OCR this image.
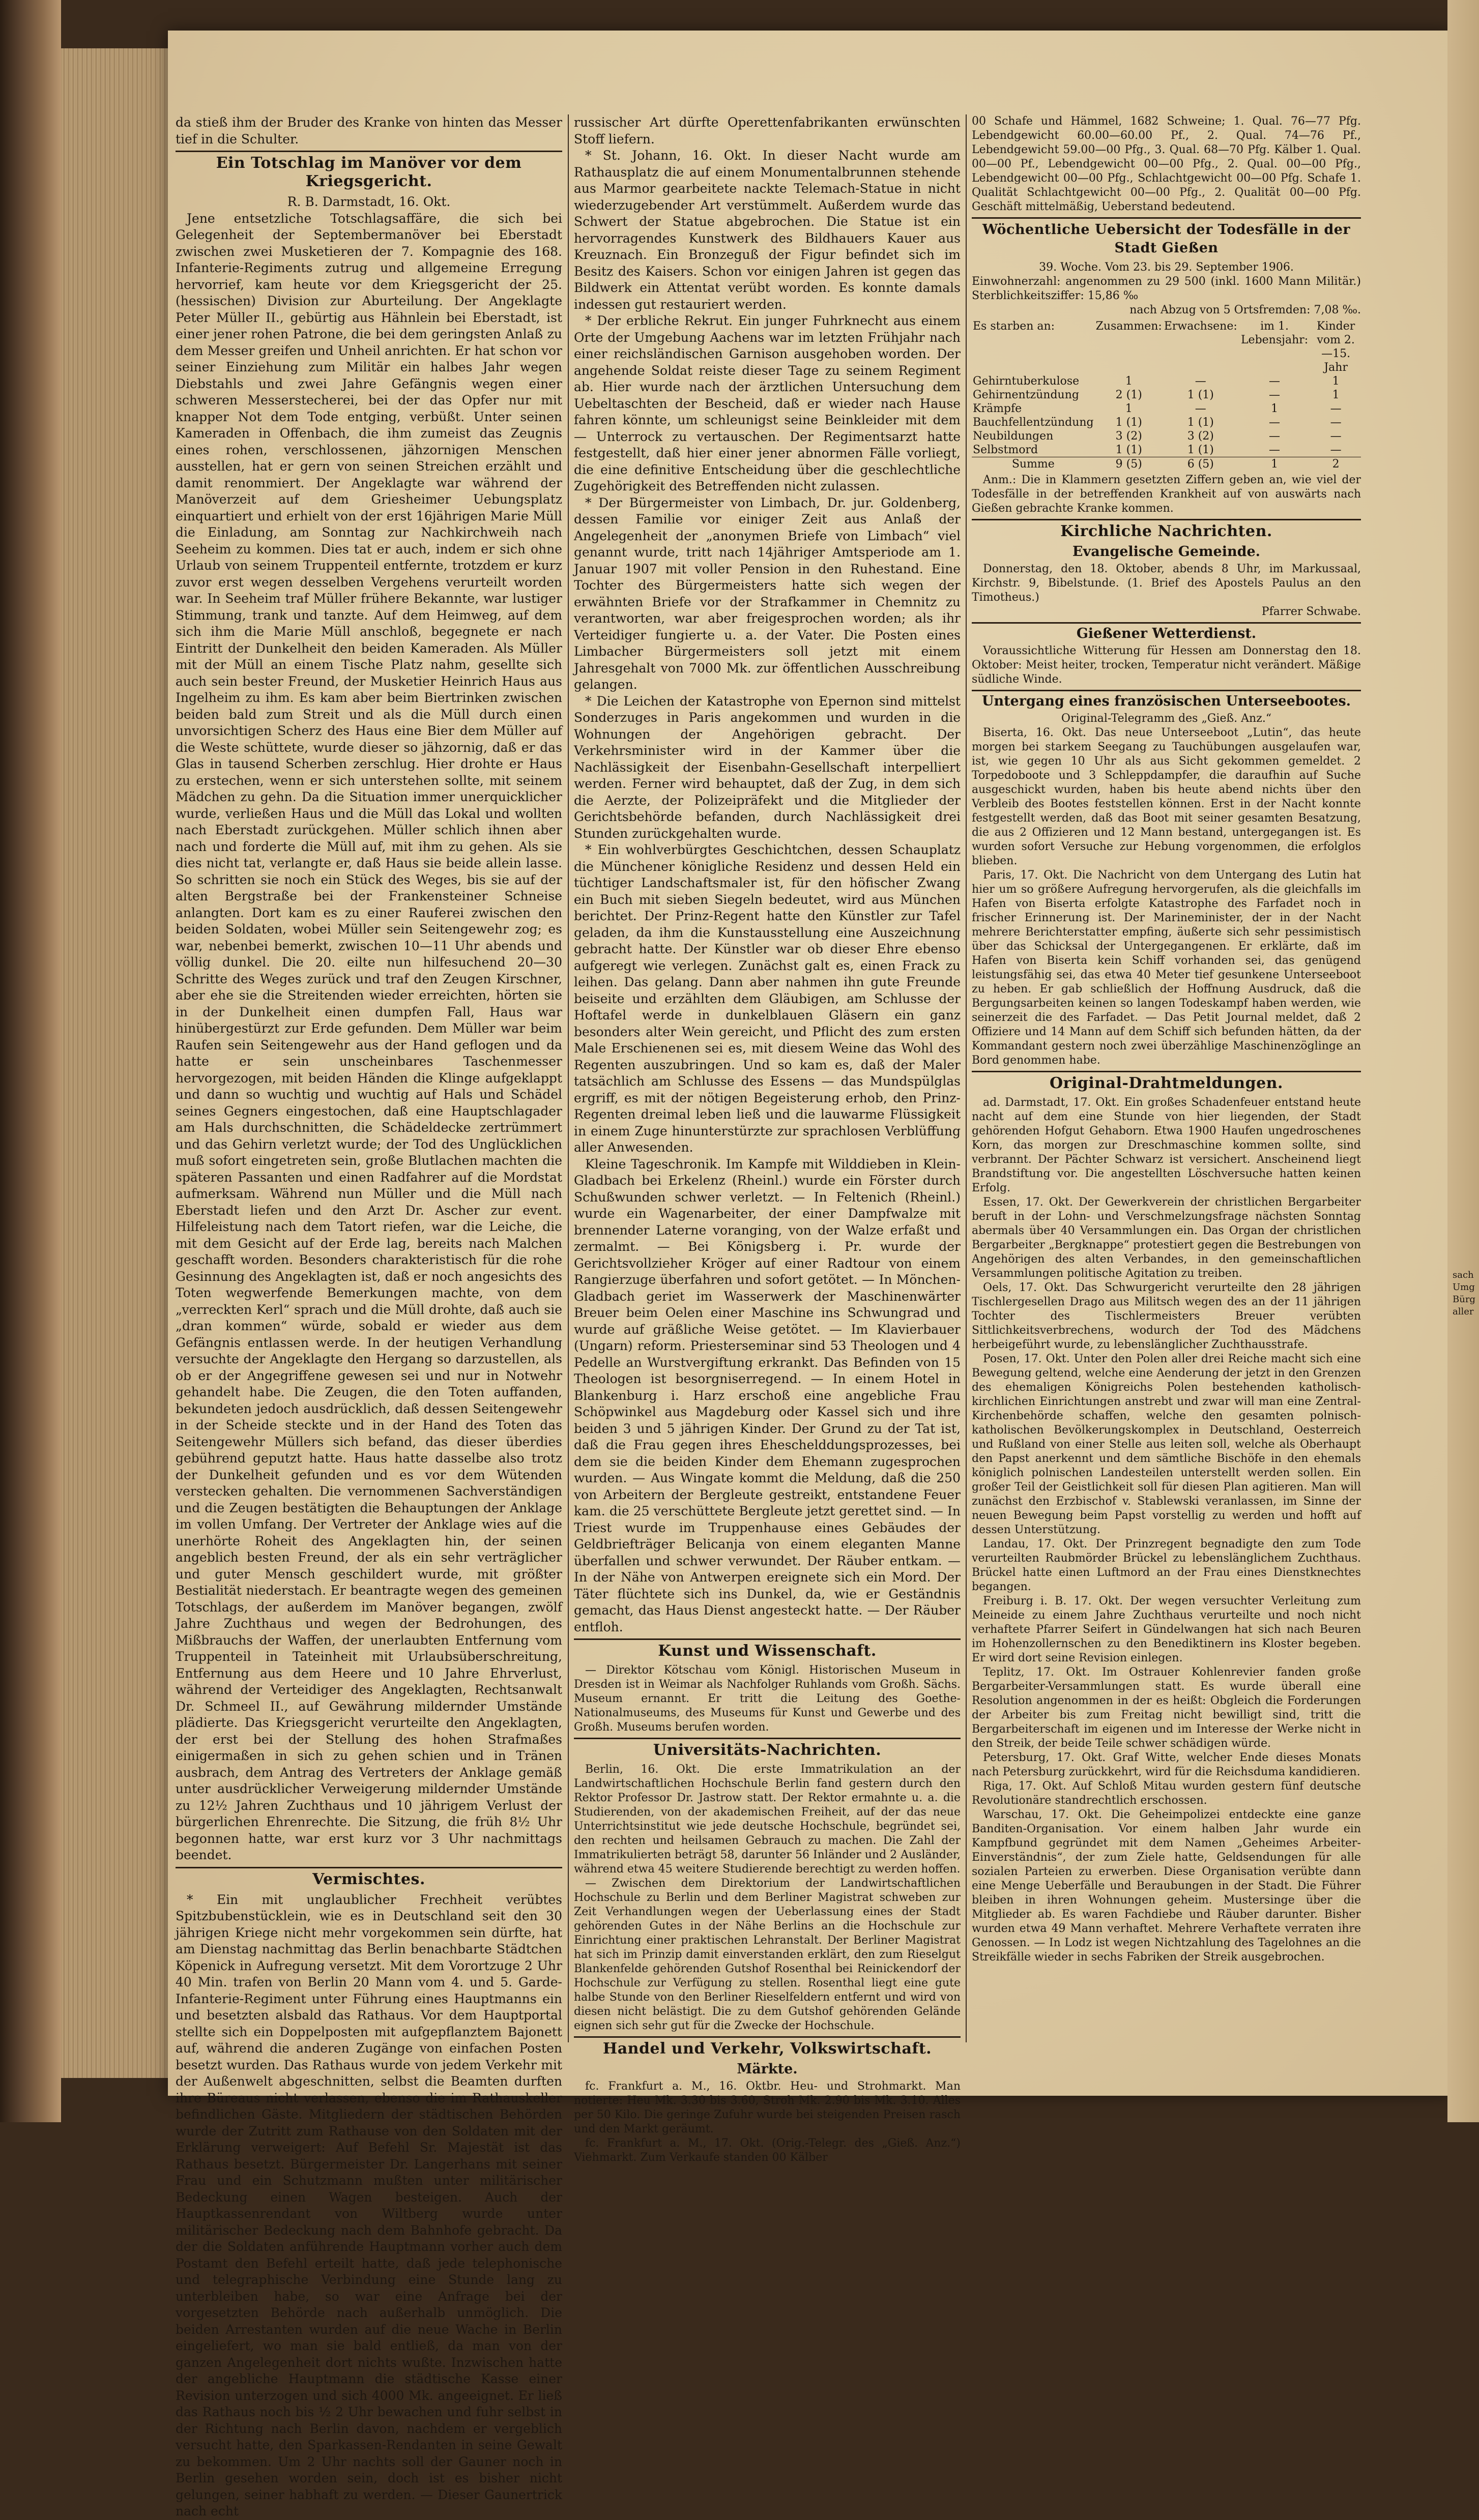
da stieß ihm der Bruder des Kranke von hinten das Messer tief in die Schulter.

Ein Totschlag im Manöver vor dem Kriegsgericht.

R. B. Darmstadt, 16. Okt.

Jene entsetzliche Totschlagsaffäre, die sich bei Gelegenheit der Septembermanöver bei Eberstadt zwischen zwei Musketieren der 7. Kompagnie des 168. Infanterie-Regiments zutrug und allgemeine Erregung hervorrief, kam heute vor dem Kriegsgericht der 25. (hessischen) Division zur Aburteilung. Der Angeklagte Peter Müller II., gebürtig aus Hähnlein bei Eberstadt, ist einer jener rohen Patrone, die bei dem geringsten Anlaß zu dem Messer greifen und Unheil anrichten. Er hat schon vor seiner Einziehung zum Militär ein halbes Jahr wegen Diebstahls und zwei Jahre Gefängnis wegen einer schweren Messerstecherei, bei der das Opfer nur mit knapper Not dem Tode entging, verbüßt. Unter seinen Kameraden in Offenbach, die ihm zumeist das Zeugnis eines rohen, verschlossenen, jähzornigen Menschen ausstellen, hat er gern von seinen Streichen erzählt und damit renommiert. Der Angeklagte war während der Manöverzeit auf dem Griesheimer Uebungsplatz einquartiert und erhielt von der erst 16jährigen Marie Müll die Einladung, am Sonntag zur Nachkirchweih nach Seeheim zu kommen. Dies tat er auch, indem er sich ohne Urlaub von seinem Truppenteil entfernte, trotzdem er kurz zuvor erst wegen desselben Vergehens verurteilt worden war. In Seeheim traf Müller frühere Bekannte, war lustiger Stimmung, trank und tanzte. Auf dem Heimweg, auf dem sich ihm die Marie Müll anschloß, begegnete er nach Eintritt der Dunkelheit den beiden Kameraden. Als Müller mit der Müll an einem Tische Platz nahm, gesellte sich auch sein bester Freund, der Musketier Heinrich Haus aus Ingelheim zu ihm. Es kam aber beim Biertrinken zwischen beiden bald zum Streit und als die Müll durch einen unvorsichtigen Scherz des Haus eine Bier dem Müller auf die Weste schüttete, wurde dieser so jähzornig, daß er das Glas in tausend Scherben zerschlug. Hier drohte er Haus zu erstechen, wenn er sich unterstehen sollte, mit seinem Mädchen zu gehn. Da die Situation immer unerquicklicher wurde, verließen Haus und die Müll das Lokal und wollten nach Eberstadt zurückgehen. Müller schlich ihnen aber nach und forderte die Müll auf, mit ihm zu gehen. Als sie dies nicht tat, verlangte er, daß Haus sie beide allein lasse. So schritten sie noch ein Stück des Weges, bis sie auf der alten Bergstraße bei der Frankensteiner Schneise anlangten. Dort kam es zu einer Rauferei zwischen den beiden Soldaten, wobei Müller sein Seitengewehr zog; es war, nebenbei bemerkt, zwischen 10—11 Uhr abends und völlig dunkel. Die 20. eilte nun hilfesuchend 20—30 Schritte des Weges zurück und traf den Zeugen Kirschner, aber ehe sie die Streitenden wieder erreichten, hörten sie in der Dunkelheit einen dumpfen Fall, Haus war hinübergestürzt zur Erde gefunden. Dem Müller war beim Raufen sein Seitengewehr aus der Hand geflogen und da hatte er sein unscheinbares Taschenmesser hervorgezogen, mit beiden Händen die Klinge aufgeklappt und dann so wuchtig und wuchtig auf Hals und Schädel seines Gegners eingestochen, daß eine Hauptschlagader am Hals durchschnitten, die Schädeldecke zertrümmert und das Gehirn verletzt wurde; der Tod des Unglücklichen muß sofort eingetreten sein, große Blutlachen machten die späteren Passanten und einen Radfahrer auf die Mordstat aufmerksam. Während nun Müller und die Müll nach Eberstadt liefen und den Arzt Dr. Ascher zur event. Hilfeleistung nach dem Tatort riefen, war die Leiche, die mit dem Gesicht auf der Erde lag, bereits nach Malchen geschafft worden. Besonders charakteristisch für die rohe Gesinnung des Angeklagten ist, daß er noch angesichts des Toten wegwerfende Bemerkungen machte, von dem „verreckten Kerl“ sprach und die Müll drohte, daß auch sie „dran kommen“ würde, sobald er wieder aus dem Gefängnis entlassen werde. In der heutigen Verhandlung versuchte der Angeklagte den Hergang so darzustellen, als ob er der Angegriffene gewesen sei und nur in Notwehr gehandelt habe. Die Zeugen, die den Toten auffanden, bekundeten jedoch ausdrücklich, daß dessen Seitengewehr in der Scheide steckte und in der Hand des Toten das Seitengewehr Müllers sich befand, das dieser überdies gebührend geputzt hatte. Haus hatte dasselbe also trotz der Dunkelheit gefunden und es vor dem Wütenden verstecken gehalten. Die vernommenen Sachverständigen und die Zeugen bestätigten die Behauptungen der Anklage im vollen Umfang. Der Vertreter der Anklage wies auf die unerhörte Roheit des Angeklagten hin, der seinen angeblich besten Freund, der als ein sehr verträglicher und guter Mensch geschildert wurde, mit größter Bestialität niederstach. Er beantragte wegen des gemeinen Totschlags, der außerdem im Manöver begangen, zwölf Jahre Zuchthaus und wegen der Bedrohungen, des Mißbrauchs der Waffen, der unerlaubten Entfernung vom Truppenteil in Tateinheit mit Urlaubsüberschreitung, Entfernung aus dem Heere und 10 Jahre Ehrverlust, während der Verteidiger des Angeklagten, Rechtsanwalt Dr. Schmeel II., auf Gewährung mildernder Umstände plädierte. Das Kriegsgericht verurteilte den Angeklagten, der erst bei der Stellung des hohen Strafmaßes einigermaßen in sich zu gehen schien und in Tränen ausbrach, dem Antrag des Vertreters der Anklage gemäß unter ausdrücklicher Verweigerung mildernder Umstände zu 12½ Jahren Zuchthaus und 10 jährigem Verlust der bürgerlichen Ehrenrechte. Die Sitzung, die früh 8½ Uhr begonnen hatte, war erst kurz vor 3 Uhr nachmittags beendet.

Vermischtes.

* Ein mit unglaublicher Frechheit verübtes Spitzbubenstücklein, wie es in Deutschland seit den 30 jährigen Kriege nicht mehr vorgekommen sein dürfte, hat am Dienstag nachmittag das Berlin benachbarte Städtchen Köpenick in Aufregung versetzt. Mit dem Vorortzuge 2 Uhr 40 Min. trafen von Berlin 20 Mann vom 4. und 5. Garde-Infanterie-Regiment unter Führung eines Hauptmanns ein und besetzten alsbald das Rathaus. Vor dem Hauptportal stellte sich ein Doppelposten mit aufgepflanztem Bajonett auf, während die anderen Zugänge von einfachen Posten besetzt wurden. Das Rathaus wurde von jedem Verkehr mit der Außenwelt abgeschnitten, selbst die Beamten durften ihre Büreaus nicht verlassen, ebenso die im Rathauskeller befindlichen Gäste. Mitgliedern der städtischen Behörden wurde der Zutritt zum Rathause von den Soldaten mit der Erklärung verweigert: Auf Befehl Sr. Majestät ist das Rathaus besetzt. Bürgermeister Dr. Langerhans mit seiner Frau und ein Schutzmann mußten unter militärischer Bedeckung einen Wagen besteigen. Auch der Hauptkassenrendant von Wiltberg wurde unter militärischer Bedeckung nach dem Bahnhofe gebracht. Da der die Soldaten anführende Hauptmann vorher auch dem Postamt den Befehl erteilt hatte, daß jede telephonische und telegraphische Verbindung eine Stunde lang zu unterbleiben habe, so war eine Anfrage bei der vorgesetzten Behörde nach außerhalb unmöglich. Die beiden Arrestanten wurden auf die neue Wache in Berlin eingeliefert, wo man sie bald entließ, da man von der ganzen Angelegenheit dort nichts wußte. Inzwischen hatte der angebliche Hauptmann die städtische Kasse einer Revision unterzogen und sich 4000 Mk. angeeignet. Er ließ das Rathaus noch bis ½ 2 Uhr bewachen und fuhr selbst in der Richtung nach Berlin davon, nachdem er vergeblich versucht hatte, den Sparkassen-Rendanten in seine Gewalt zu bekommen. Um 2 Uhr nachts soll der Gauner noch in Berlin gesehen worden sein, doch ist es bisher nicht gelungen, seiner habhaft zu werden. — Dieser Gaunertrick nach echt

russischer Art dürfte Operettenfabrikanten erwünschten Stoff liefern.

* St. Johann, 16. Okt. In dieser Nacht wurde am Rathausplatz die auf einem Monumentalbrunnen stehende aus Marmor gearbeitete nackte Telemach-Statue in nicht wiederzugebender Art verstümmelt. Außerdem wurde das Schwert der Statue abgebrochen. Die Statue ist ein hervorragendes Kunstwerk des Bildhauers Kauer aus Kreuznach. Ein Bronzeguß der Figur befindet sich im Besitz des Kaisers. Schon vor einigen Jahren ist gegen das Bildwerk ein Attentat verübt worden. Es konnte damals indessen gut restauriert werden.

* Der erbliche Rekrut. Ein junger Fuhrknecht aus einem Orte der Umgebung Aachens war im letzten Frühjahr nach einer reichsländischen Garnison ausgehoben worden. Der angehende Soldat reiste dieser Tage zu seinem Regiment ab. Hier wurde nach der ärztlichen Untersuchung dem Uebeltaschten der Bescheid, daß er wieder nach Hause fahren könnte, um schleunigst seine Beinkleider mit dem — Unterrock zu vertauschen. Der Regimentsarzt hatte festgestellt, daß hier einer jener abnormen Fälle vorliegt, die eine definitive Entscheidung über die geschlechtliche Zugehörigkeit des Betreffenden nicht zulassen.

* Der Bürgermeister von Limbach, Dr. jur. Goldenberg, dessen Familie vor einiger Zeit aus Anlaß der Angelegenheit der „anonymen Briefe von Limbach“ viel genannt wurde, tritt nach 14jähriger Amtsperiode am 1. Januar 1907 mit voller Pension in den Ruhestand. Eine Tochter des Bürgermeisters hatte sich wegen der erwähnten Briefe vor der Strafkammer in Chemnitz zu verantworten, war aber freigesprochen worden; als ihr Verteidiger fungierte u. a. der Vater. Die Posten eines Limbacher Bürgermeisters soll jetzt mit einem Jahresgehalt von 7000 Mk. zur öffentlichen Ausschreibung gelangen.

* Die Leichen der Katastrophe von Epernon sind mittelst Sonderzuges in Paris angekommen und wurden in die Wohnungen der Angehörigen gebracht. Der Verkehrsminister wird in der Kammer über die Nachlässigkeit der Eisenbahn-Gesellschaft interpelliert werden. Ferner wird behauptet, daß der Zug, in dem sich die Aerzte, der Polizeipräfekt und die Mitglieder der Gerichtsbehörde befanden, durch Nachlässigkeit drei Stunden zurückgehalten wurde.

* Ein wohlverbürgtes Geschichtchen, dessen Schauplatz die Münchener königliche Residenz und dessen Held ein tüchtiger Landschaftsmaler ist, für den höfischer Zwang ein Buch mit sieben Siegeln bedeutet, wird aus München berichtet. Der Prinz-Regent hatte den Künstler zur Tafel geladen, da ihm die Kunstausstellung eine Auszeichnung gebracht hatte. Der Künstler war ob dieser Ehre ebenso aufgeregt wie verlegen. Zunächst galt es, einen Frack zu leihen. Das gelang. Dann aber nahmen ihn gute Freunde beiseite und erzählten dem Gläubigen, am Schlusse der Hoftafel werde in dunkelblauen Gläsern ein ganz besonders alter Wein gereicht, und Pflicht des zum ersten Male Erschienenen sei es, mit diesem Weine das Wohl des Regenten auszubringen. Und so kam es, daß der Maler tatsächlich am Schlusse des Essens — das Mundspülglas ergriff, es mit der nötigen Begeisterung erhob, den Prinz-Regenten dreimal leben ließ und die lauwarme Flüssigkeit in einem Zuge hinunterstürzte zur sprachlosen Verblüffung aller Anwesenden.

Kleine Tageschronik. Im Kampfe mit Wilddieben in Klein-Gladbach bei Erkelenz (Rheinl.) wurde ein Förster durch Schußwunden schwer verletzt. — In Feltenich (Rheinl.) wurde ein Wagenarbeiter, der einer Dampfwalze mit brennender Laterne voranging, von der Walze erfaßt und zermalmt. — Bei Königsberg i. Pr. wurde der Gerichtsvollzieher Kröger auf einer Radtour von einem Rangierzuge überfahren und sofort getötet. — In Mönchen-Gladbach geriet im Wasserwerk der Maschinenwärter Breuer beim Oelen einer Maschine ins Schwungrad und wurde auf gräßliche Weise getötet. — Im Klavierbauer (Ungarn) reform. Priesterseminar sind 53 Theologen und 4 Pedelle an Wurstvergiftung erkrankt. Das Befinden von 15 Theologen ist besorgniserregend. — In einem Hotel in Blankenburg i. Harz erschoß eine angebliche Frau Schöpwinkel aus Magdeburg oder Kassel sich und ihre beiden 3 und 5 jährigen Kinder. Der Grund zu der Tat ist, daß die Frau gegen ihres Eheschelddungsprozesses, bei dem sie die beiden Kinder dem Ehemann zugesprochen wurden. — Aus Wingate kommt die Meldung, daß die 250 von Arbeitern der Bergleute gestreikt, entstandene Feuer kam. die 25 verschüttete Bergleute jetzt gerettet sind. — In Triest wurde im Truppenhause eines Gebäudes der Geldbriefträger Belicanja von einem eleganten Manne überfallen und schwer verwundet. Der Räuber entkam. — In der Nähe von Antwerpen ereignete sich ein Mord. Der Täter flüchtete sich ins Dunkel, da, wie er Geständnis gemacht, das Haus Dienst angesteckt hatte. — Der Räuber entfloh.

Kunst und Wissenschaft.

— Direktor Kötschau vom Königl. Historischen Museum in Dresden ist in Weimar als Nachfolger Ruhlands vom Großh. Sächs. Museum ernannt. Er tritt die Leitung des Goethe-Nationalmuseums, des Museums für Kunst und Gewerbe und des Großh. Museums berufen worden.

Universitäts-Nachrichten.

Berlin, 16. Okt. Die erste Immatrikulation an der Landwirtschaftlichen Hochschule Berlin fand gestern durch den Rektor Professor Dr. Jastrow statt. Der Rektor ermahnte u. a. die Studierenden, von der akademischen Freiheit, auf der das neue Unterrichtsinstitut wie jede deutsche Hochschule, begründet sei, den rechten und heilsamen Gebrauch zu machen. Die Zahl der Immatrikulierten beträgt 58, darunter 56 Inländer und 2 Ausländer, während etwa 45 weitere Studierende berechtigt zu werden hoffen.

— Zwischen dem Direktorium der Landwirtschaftlichen Hochschule zu Berlin und dem Berliner Magistrat schweben zur Zeit Verhandlungen wegen der Ueberlassung eines der Stadt gehörenden Gutes in der Nähe Berlins an die Hochschule zur Einrichtung einer praktischen Lehranstalt. Der Berliner Magistrat hat sich im Prinzip damit einverstanden erklärt, den zum Rieselgut Blankenfelde gehörenden Gutshof Rosenthal bei Reinickendorf der Hochschule zur Verfügung zu stellen. Rosenthal liegt eine gute halbe Stunde von den Berliner Rieselfeldern entfernt und wird von diesen nicht belästigt. Die zu dem Gutshof gehörenden Gelände eignen sich sehr gut für die Zwecke der Hochschule.

Handel und Verkehr, Volkswirtschaft.
Märkte.

fc. Frankfurt a. M., 16. Oktbr. Heu- und Strohmarkt. Man notierte: Heu Mk. 3.30 bis 3.60, Stroh Mk. 2.90 bis Mk. 3.10. Alles per 50 Kilo. Die geringe Zufuhr wurde bei steigenden Preisen rasch und den Markt geräumt.

fc. Frankfurt a. M., 17. Okt. (Orig.-Telegr. des „Gieß. Anz.“) Viehmarkt. Zum Verkaufe standen 00 Kälber

00 Schafe und Hämmel, 1682 Schweine; 1. Qual. 76—77 Pfg. Lebendgewicht 60.00—60.00 Pf., 2. Qual. 74—76 Pf., Lebendgewicht 59.00—00 Pfg., 3. Qual. 68—70 Pfg. Kälber 1. Qual. 00—00 Pf., Lebendgewicht 00—00 Pfg., 2. Qual. 00—00 Pfg., Lebendgewicht 00—00 Pfg., Schlachtgewicht 00—00 Pfg. Schafe 1. Qualität Schlachtgewicht 00—00 Pfg., 2. Qualität 00—00 Pfg. Geschäft mittelmäßig, Ueberstand bedeutend.

Wöchentliche Uebersicht der Todesfälle in der Stadt Gießen

39. Woche. Vom 23. bis 29. September 1906.

Einwohnerzahl: angenommen zu 29 500 (inkl. 1600 Mann Militär.) Sterblichkeitsziffer: 15,86 ‰

nach Abzug von 5 Ortsfremden: 7,08 ‰.

Es starben an:	Zusammen:	Erwachsene:	im 1. Lebensjahr:	Kinder vom 2.—15. Jahr
Gehirntuberkulose	1	—	—	1
Gehirnentzündung	2 (1)	1 (1)	—	1
Krämpfe	1	—	1	—
Bauchfellentzündung	1 (1)	1 (1)	—	—
Neubildungen	3 (2)	3 (2)	—	—
Selbstmord	1 (1)	1 (1)	—	—
Summe	9 (5)	6 (5)	1	2

Anm.: Die in Klammern gesetzten Ziffern geben an, wie viel der Todesfälle in der betreffenden Krankheit auf von auswärts nach Gießen gebrachte Kranke kommen.

Kirchliche Nachrichten.
Evangelische Gemeinde.

Donnerstag, den 18. Oktober, abends 8 Uhr, im Markussaal, Kirchstr. 9, Bibelstunde. (1. Brief des Apostels Paulus an den Timotheus.)

Pfarrer Schwabe.

Gießener Wetterdienst.

Voraussichtliche Witterung für Hessen am Donnerstag den 18. Oktober: Meist heiter, trocken, Temperatur nicht verändert. Mäßige südliche Winde.

Untergang eines französischen Unterseebootes.

Original-Telegramm des „Gieß. Anz.“

Biserta, 16. Okt. Das neue Unterseeboot „Lutin“, das heute morgen bei starkem Seegang zu Tauchübungen ausgelaufen war, ist, wie gegen 10 Uhr als aus Sicht gekommen gemeldet. 2 Torpedoboote und 3 Schleppdampfer, die daraufhin auf Suche ausgeschickt wurden, haben bis heute abend nichts über den Verbleib des Bootes feststellen können. Erst in der Nacht konnte festgestellt werden, daß das Boot mit seiner gesamten Besatzung, die aus 2 Offizieren und 12 Mann bestand, untergegangen ist. Es wurden sofort Versuche zur Hebung vorgenommen, die erfolglos blieben.

Paris, 17. Okt. Die Nachricht von dem Untergang des Lutin hat hier um so größere Aufregung hervorgerufen, als die gleichfalls im Hafen von Biserta erfolgte Katastrophe des Farfadet noch in frischer Erinnerung ist. Der Marineminister, der in der Nacht mehrere Berichterstatter empfing, äußerte sich sehr pessimistisch über das Schicksal der Untergegangenen. Er erklärte, daß im Hafen von Biserta kein Schiff vorhanden sei, das genügend leistungsfähig sei, das etwa 40 Meter tief gesunkene Unterseeboot zu heben. Er gab schließlich der Hoffnung Ausdruck, daß die Bergungsarbeiten keinen so langen Todeskampf haben werden, wie seinerzeit die des Farfadet. — Das Petit Journal meldet, daß 2 Offiziere und 14 Mann auf dem Schiff sich befunden hätten, da der Kommandant gestern noch zwei überzählige Maschinenzöglinge an Bord genommen habe.

Original-Drahtmeldungen.

ad. Darmstadt, 17. Okt. Ein großes Schadenfeuer entstand heute nacht auf dem eine Stunde von hier liegenden, der Stadt gehörenden Hofgut Gehaborn. Etwa 1900 Haufen ungedroschenes Korn, das morgen zur Dreschmaschine kommen sollte, sind verbrannt. Der Pächter Schwarz ist versichert. Anscheinend liegt Brandstiftung vor. Die angestellten Löschversuche hatten keinen Erfolg.

Essen, 17. Okt. Der Gewerkverein der christlichen Bergarbeiter beruft in der Lohn- und Verschmelzungsfrage nächsten Sonntag abermals über 40 Versammlungen ein. Das Organ der christlichen Bergarbeiter „Bergknappe“ protestiert gegen die Bestrebungen von Angehörigen des alten Verbandes, in den gemeinschaftlichen Versammlungen politische Agitation zu treiben.

Oels, 17. Okt. Das Schwurgericht verurteilte den 28 jährigen Tischlergesellen Drago aus Militsch wegen des an der 11 jährigen Tochter des Tischlermeisters Breuer verübten Sittlichkeitsverbrechens, wodurch der Tod des Mädchens herbeigeführt wurde, zu lebenslänglicher Zuchthausstrafe.

Posen, 17. Okt. Unter den Polen aller drei Reiche macht sich eine Bewegung geltend, welche eine Aenderung der jetzt in den Grenzen des ehemaligen Königreichs Polen bestehenden katholisch-kirchlichen Einrichtungen anstrebt und zwar will man eine Zentral-Kirchenbehörde schaffen, welche den gesamten polnisch-katholischen Bevölkerungskomplex in Deutschland, Oesterreich und Rußland von einer Stelle aus leiten soll, welche als Oberhaupt den Papst anerkennt und dem sämtliche Bischöfe in den ehemals königlich polnischen Landesteilen unterstellt werden sollen. Ein großer Teil der Geistlichkeit soll für diesen Plan agitieren. Man will zunächst den Erzbischof v. Stablewski veranlassen, im Sinne der neuen Bewegung beim Papst vorstellig zu werden und hofft auf dessen Unterstützung.

Landau, 17. Okt. Der Prinzregent begnadigte den zum Tode verurteilten Raubmörder Brückel zu lebenslänglichem Zuchthaus. Brückel hatte einen Luftmord an der Frau eines Dienstknechtes begangen.

Freiburg i. B. 17. Okt. Der wegen versuchter Verleitung zum Meineide zu einem Jahre Zuchthaus verurteilte und noch nicht verhaftete Pfarrer Seifert in Gündelwangen hat sich nach Beuren im Hohenzollernschen zu den Benediktinern ins Kloster begeben. Er wird dort seine Revision einlegen.

Teplitz, 17. Okt. Im Ostrauer Kohlenrevier fanden große Bergarbeiter-Versammlungen statt. Es wurde überall eine Resolution angenommen in der es heißt: Obgleich die Forderungen der Arbeiter bis zum Freitag nicht bewilligt sind, tritt die Bergarbeiterschaft im eigenen und im Interesse der Werke nicht in den Streik, der beide Teile schwer schädigen würde.

Petersburg, 17. Okt. Graf Witte, welcher Ende dieses Monats nach Petersburg zurückkehrt, wird für die Reichsduma kandidieren.

Riga, 17. Okt. Auf Schloß Mitau wurden gestern fünf deutsche Revolutionäre standrechtlich erschossen.

Warschau, 17. Okt. Die Geheimpolizei entdeckte eine ganze Banditen-Organisation. Vor einem halben Jahr wurde ein Kampfbund gegründet mit dem Namen „Geheimes Arbeiter-Einverständnis“, der zum Ziele hatte, Geldsendungen für alle sozialen Parteien zu erwerben. Diese Organisation verübte dann eine Menge Ueberfälle und Beraubungen in der Stadt. Die Führer bleiben in ihren Wohnungen geheim. Mustersinge über die Mitglieder ab. Es waren Fachdiebe und Räuber darunter. Bisher wurden etwa 49 Mann verhaftet. Mehrere Verhaftete verraten ihre Genossen. — In Lodz ist wegen Nichtzahlung des Tagelohnes an die Streikfälle wieder in sechs Fabriken der Streik ausgebrochen.

sach
Umg
Bürg
aller
